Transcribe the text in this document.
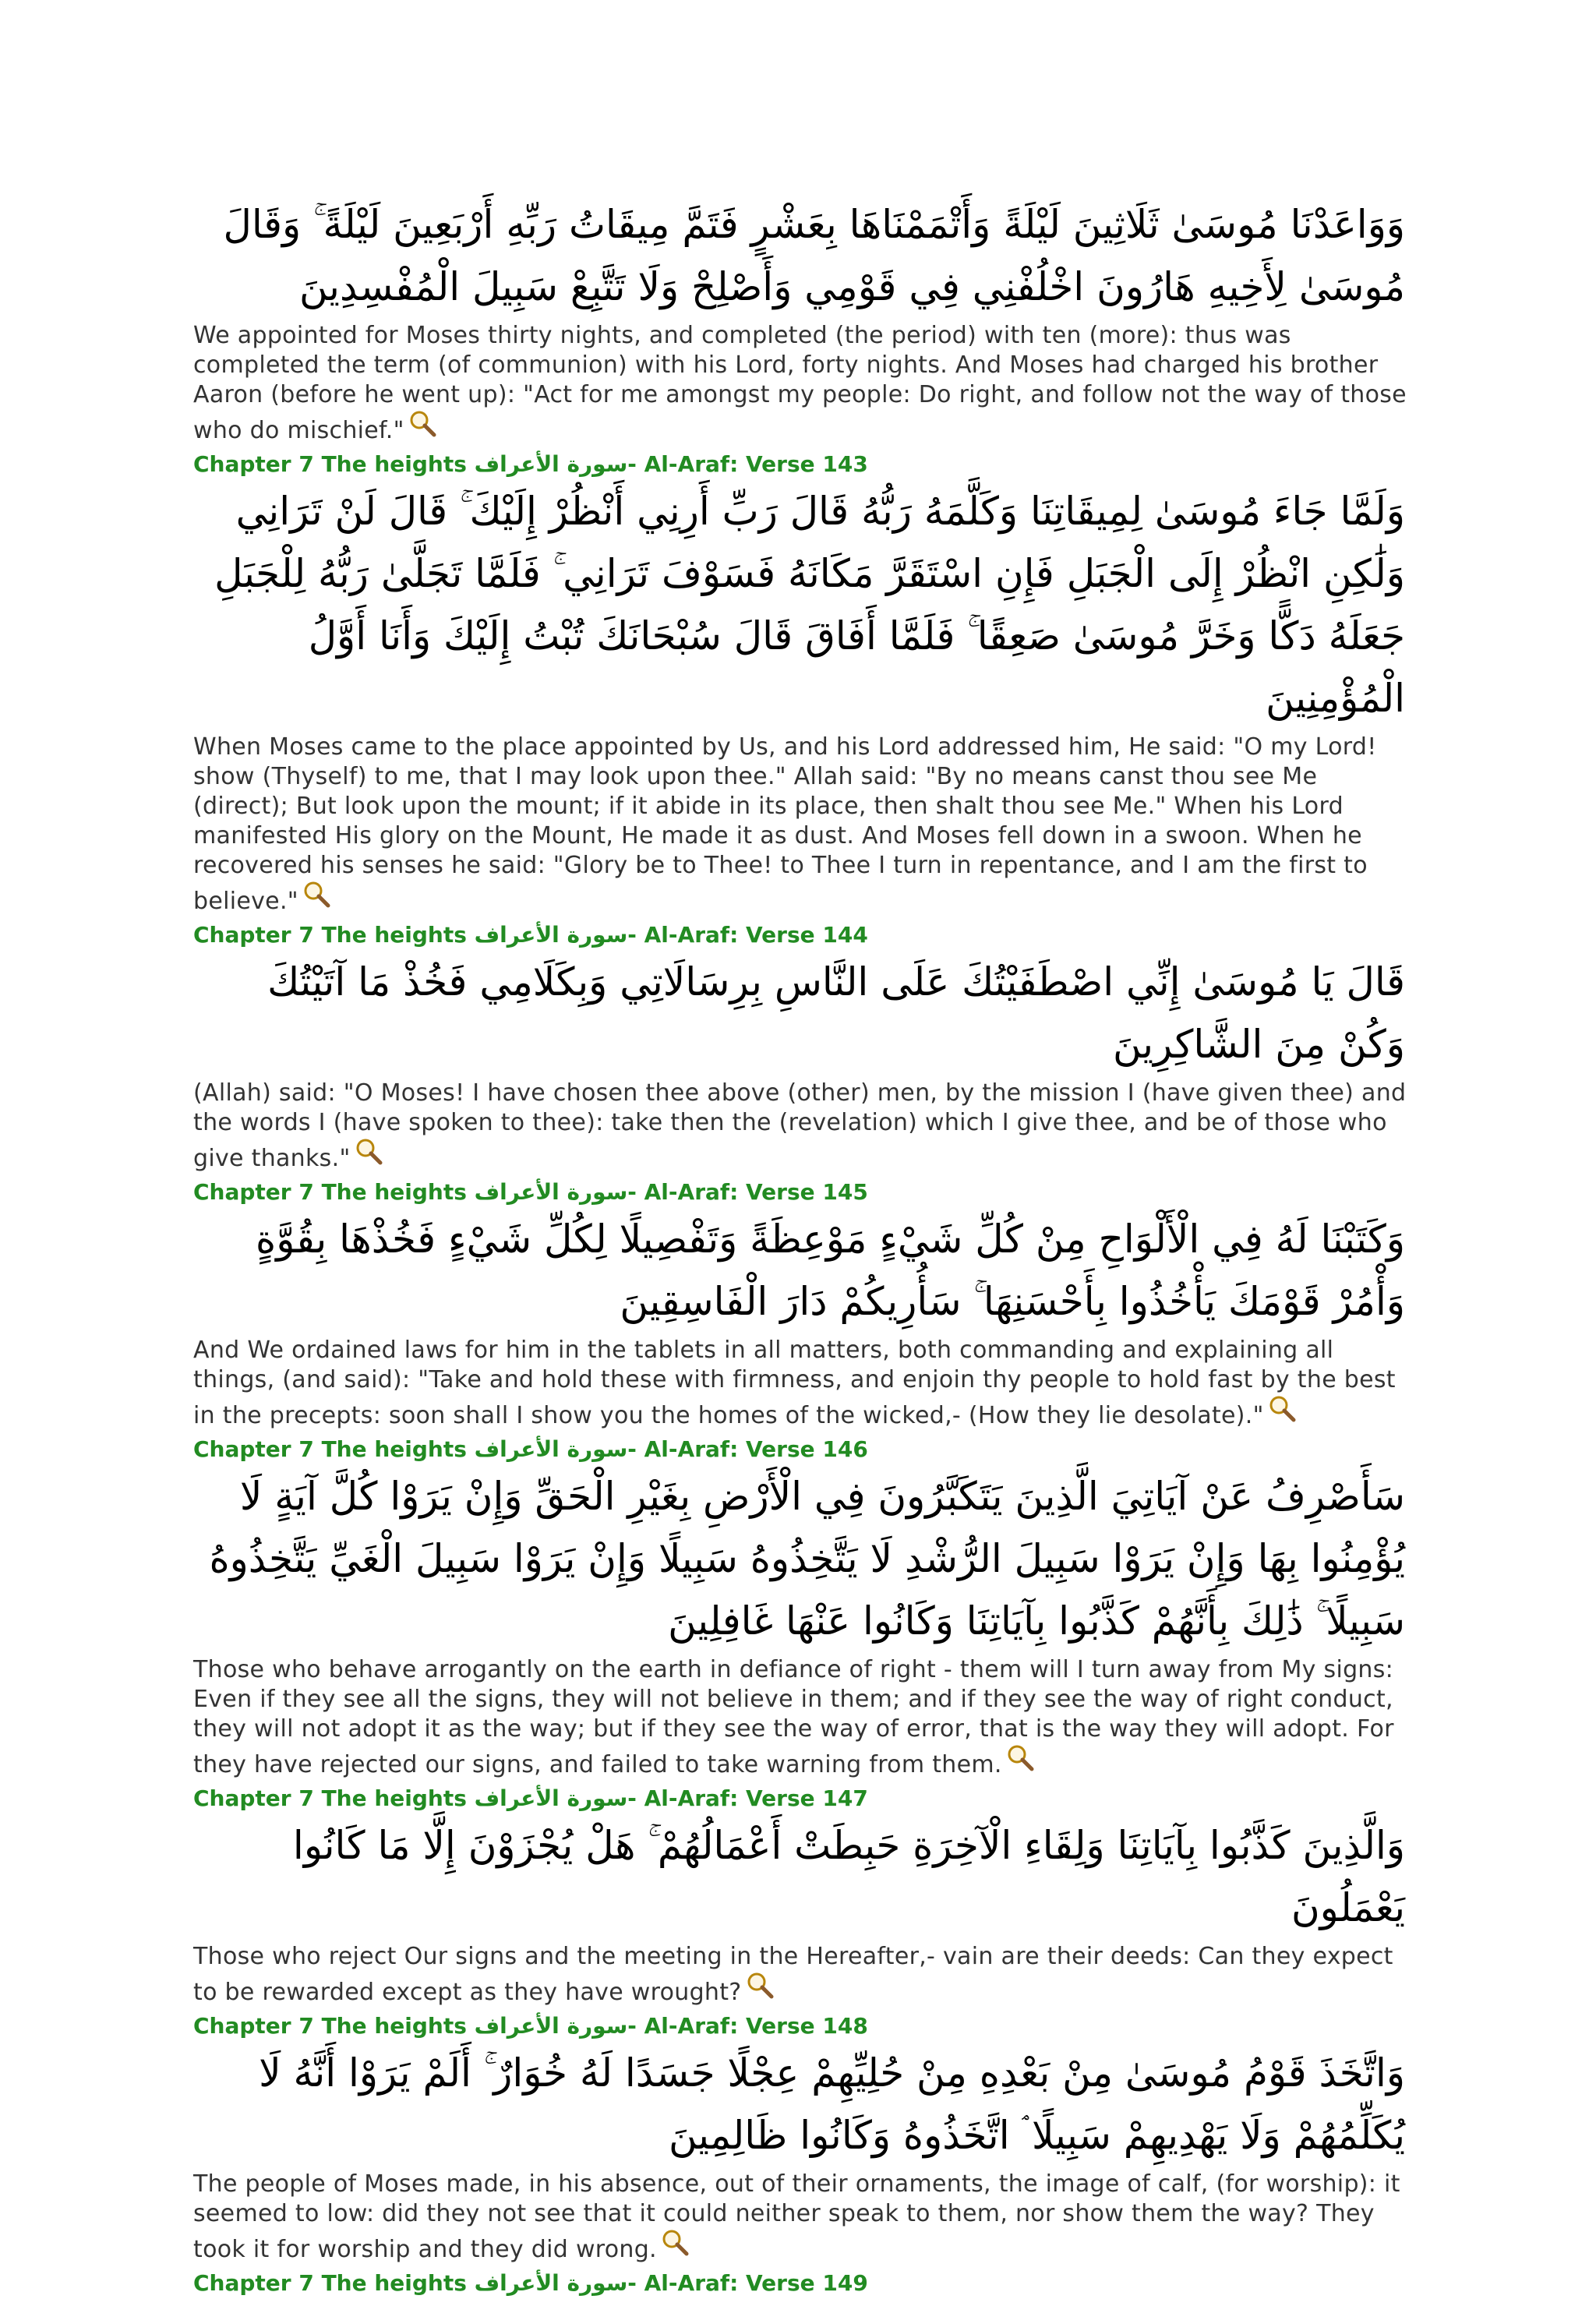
وَوَاعَدْنَا مُوسَىٰ ثَلَاثِينَ لَيْلَةً وَأَتْمَمْنَاهَا بِعَشْرٍ فَتَمَّ مِيقَاتُ رَبِّهِ أَرْبَعِينَ لَيْلَةً ۚ وَقَالَ مُوسَىٰ لِأَخِيهِ هَارُونَ اخْلُفْنِي فِي قَوْمِي وَأَصْلِحْ وَلَا تَتَّبِعْ سَبِيلَ الْمُفْسِدِينَ

We appointed for Moses thirty nights, and completed (the period) with ten (more): thus was completed the term (of communion) with his Lord, forty nights. And Moses had charged his brother Aaron (before he went up): "Act for me amongst my people: Do right, and follow not the way of those who do mischief."

Chapter 7 The heights سورة الأعراف- Al-Araf: Verse 143

وَلَمَّا جَاءَ مُوسَىٰ لِمِيقَاتِنَا وَكَلَّمَهُ رَبُّهُ قَالَ رَبِّ أَرِنِي أَنْظُرْ إِلَيْكَ ۚ قَالَ لَنْ تَرَانِي وَلَٰكِنِ انْظُرْ إِلَى الْجَبَلِ فَإِنِ اسْتَقَرَّ مَكَانَهُ فَسَوْفَ تَرَانِي ۚ فَلَمَّا تَجَلَّىٰ رَبُّهُ لِلْجَبَلِ جَعَلَهُ دَكًّا وَخَرَّ مُوسَىٰ صَعِقًا ۚ فَلَمَّا أَفَاقَ قَالَ سُبْحَانَكَ تُبْتُ إِلَيْكَ وَأَنَا أَوَّلُ الْمُؤْمِنِينَ

When Moses came to the place appointed by Us, and his Lord addressed him, He said: "O my Lord! show (Thyself) to me, that I may look upon thee." Allah said: "By no means canst thou see Me (direct); But look upon the mount; if it abide in its place, then shalt thou see Me." When his Lord manifested His glory on the Mount, He made it as dust. And Moses fell down in a swoon. When he recovered his senses he said: "Glory be to Thee! to Thee I turn in repentance, and I am the first to believe."

Chapter 7 The heights سورة الأعراف- Al-Araf: Verse 144

قَالَ يَا مُوسَىٰ إِنِّي اصْطَفَيْتُكَ عَلَى النَّاسِ بِرِسَالَاتِي وَبِكَلَامِي فَخُذْ مَا آتَيْتُكَ وَكُنْ مِنَ الشَّاكِرِينَ

(Allah) said: "O Moses! I have chosen thee above (other) men, by the mission I (have given thee) and the words I (have spoken to thee): take then the (revelation) which I give thee, and be of those who give thanks."

Chapter 7 The heights سورة الأعراف- Al-Araf: Verse 145

وَكَتَبْنَا لَهُ فِي الْأَلْوَاحِ مِنْ كُلِّ شَيْءٍ مَوْعِظَةً وَتَفْصِيلًا لِكُلِّ شَيْءٍ فَخُذْهَا بِقُوَّةٍ وَأْمُرْ قَوْمَكَ يَأْخُذُوا بِأَحْسَنِهَا ۚ سَأُرِيكُمْ دَارَ الْفَاسِقِينَ

And We ordained laws for him in the tablets in all matters, both commanding and explaining all things, (and said): "Take and hold these with firmness, and enjoin thy people to hold fast by the best in the precepts: soon shall I show you the homes of the wicked,- (How they lie desolate)."

Chapter 7 The heights سورة الأعراف- Al-Araf: Verse 146

سَأَصْرِفُ عَنْ آيَاتِيَ الَّذِينَ يَتَكَبَّرُونَ فِي الْأَرْضِ بِغَيْرِ الْحَقِّ وَإِنْ يَرَوْا كُلَّ آيَةٍ لَا يُؤْمِنُوا بِهَا وَإِنْ يَرَوْا سَبِيلَ الرُّشْدِ لَا يَتَّخِذُوهُ سَبِيلًا وَإِنْ يَرَوْا سَبِيلَ الْغَيِّ يَتَّخِذُوهُ سَبِيلًا ۚ ذَٰلِكَ بِأَنَّهُمْ كَذَّبُوا بِآيَاتِنَا وَكَانُوا عَنْهَا غَافِلِينَ

Those who behave arrogantly on the earth in defiance of right - them will I turn away from My signs: Even if they see all the signs, they will not believe in them; and if they see the way of right conduct, they will not adopt it as the way; but if they see the way of error, that is the way they will adopt. For they have rejected our signs, and failed to take warning from them.

Chapter 7 The heights سورة الأعراف- Al-Araf: Verse 147

وَالَّذِينَ كَذَّبُوا بِآيَاتِنَا وَلِقَاءِ الْآخِرَةِ حَبِطَتْ أَعْمَالُهُمْ ۚ هَلْ يُجْزَوْنَ إِلَّا مَا كَانُوا يَعْمَلُونَ

Those who reject Our signs and the meeting in the Hereafter,- vain are their deeds: Can they expect to be rewarded except as they have wrought?

Chapter 7 The heights سورة الأعراف- Al-Araf: Verse 148

وَاتَّخَذَ قَوْمُ مُوسَىٰ مِنْ بَعْدِهِ مِنْ حُلِيِّهِمْ عِجْلًا جَسَدًا لَهُ خُوَارٌ ۚ أَلَمْ يَرَوْا أَنَّهُ لَا يُكَلِّمُهُمْ وَلَا يَهْدِيهِمْ سَبِيلًا ۘ اتَّخَذُوهُ وَكَانُوا ظَالِمِينَ

The people of Moses made, in his absence, out of their ornaments, the image of calf, (for worship): it seemed to low: did they not see that it could neither speak to them, nor show them the way? They took it for worship and they did wrong.

Chapter 7 The heights سورة الأعراف- Al-Araf: Verse 149
